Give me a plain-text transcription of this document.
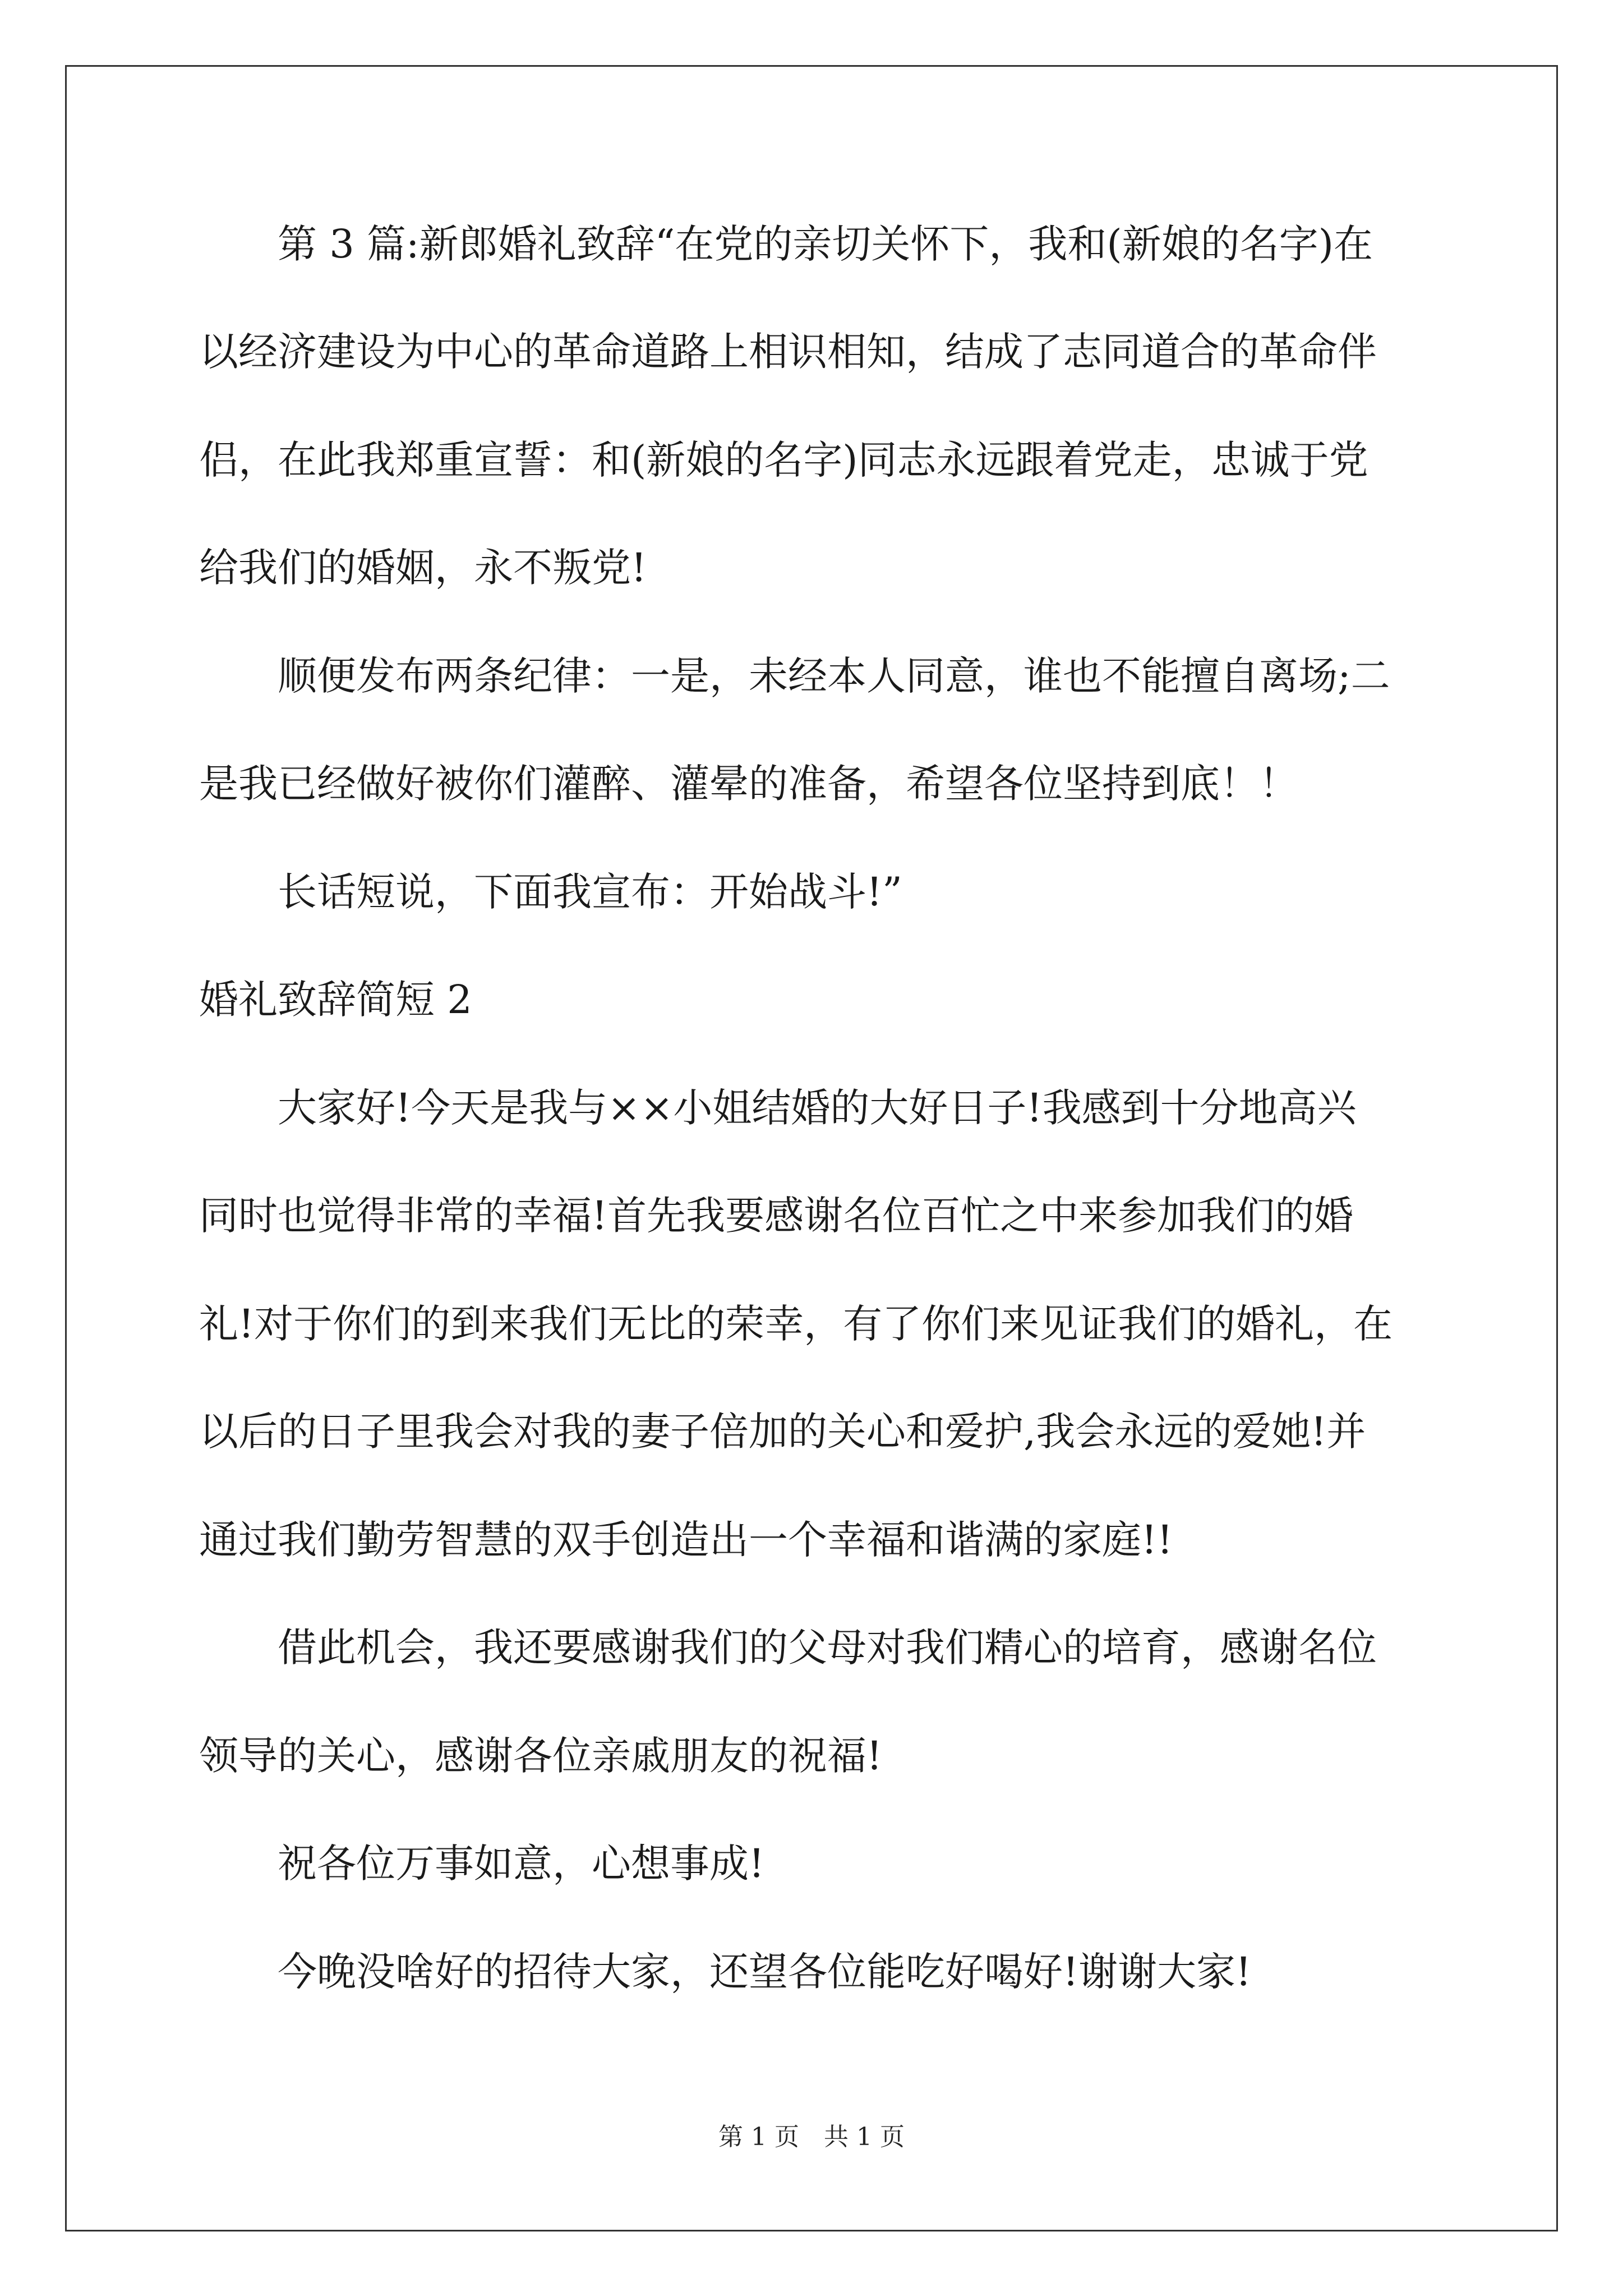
第 3 篇:新郎婚礼致辞“在党的亲切关怀下，我和(新娘的名字)在
以经济建设为中心的革命道路上相识相知，结成了志同道合的革命伴
侣，在此我郑重宣誓：和(新娘的名字)同志永远跟着党走，忠诚于党
给我们的婚姻，永不叛党!
顺便发布两条纪律：一是，未经本人同意，谁也不能擅自离场;二
是我已经做好被你们灌醉、灌晕的准备，希望各位坚持到底！！
长话短说，下面我宣布：开始战斗!”
婚礼致辞简短 2
大家好!今天是我与××小姐结婚的大好日子!我感到十分地高兴
同时也觉得非常的幸福!首先我要感谢名位百忙之中来参加我们的婚
礼!对于你们的到来我们无比的荣幸，有了你们来见证我们的婚礼，在
以后的日子里我会对我的妻子倍加的关心和爱护,我会永远的爱她!并
通过我们勤劳智慧的双手创造出一个幸福和谐满的家庭!!
借此机会，我还要感谢我们的父母对我们精心的培育，感谢名位
领导的关心，感谢各位亲戚朋友的祝福!
祝各位万事如意，心想事成!
今晚没啥好的招待大家，还望各位能吃好喝好!谢谢大家!
第 1 页　共 1 页
